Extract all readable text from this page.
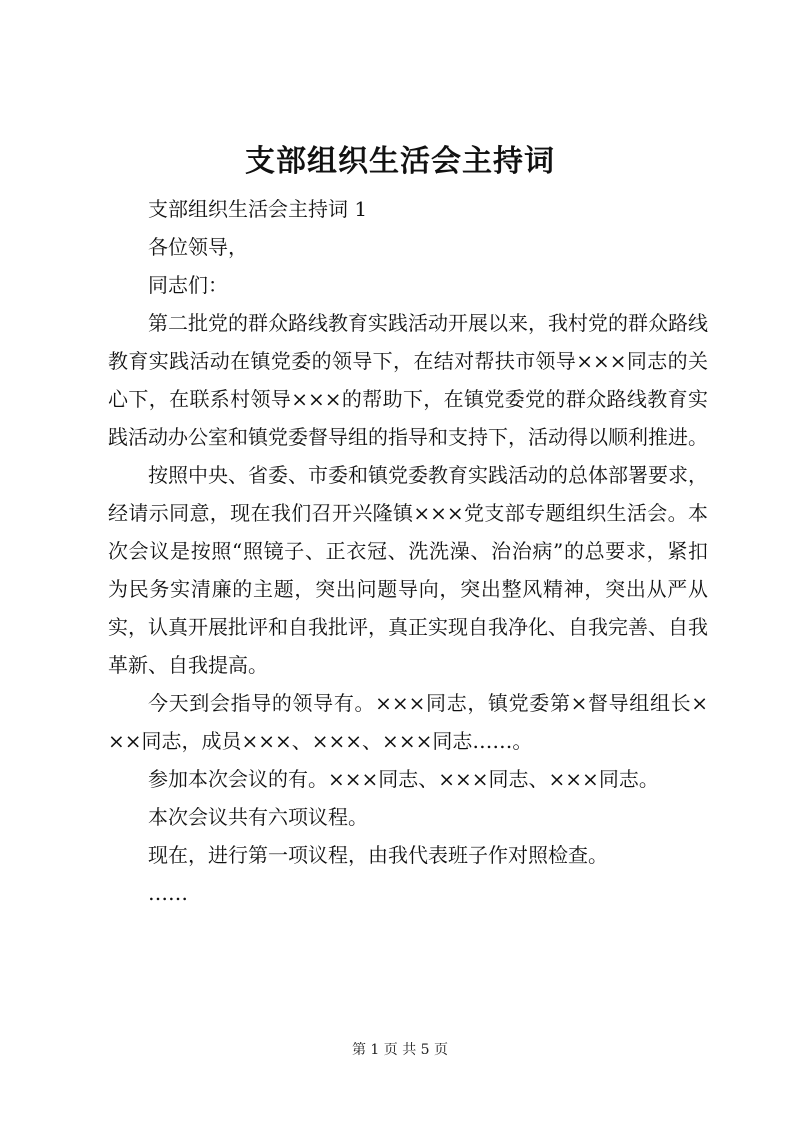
支部组织生活会主持词

支部组织生活会主持词 1

各位领导，

同志们：

第二批党的群众路线教育实践活动开展以来，我村党的群众路线教育实践活动在镇党委的领导下，在结对帮扶市领导×××同志的关心下，在联系村领导×××的帮助下，在镇党委党的群众路线教育实践活动办公室和镇党委督导组的指导和支持下，活动得以顺利推进。

按照中央、省委、市委和镇党委教育实践活动的总体部署要求，经请示同意，现在我们召开兴隆镇×××党支部专题组织生活会。本次会议是按照“照镜子、正衣冠、洗洗澡、治治病”的总要求，紧扣为民务实清廉的主题，突出问题导向，突出整风精神，突出从严从实，认真开展批评和自我批评，真正实现自我净化、自我完善、自我革新、自我提高。

今天到会指导的领导有。×××同志，镇党委第×督导组组长×××同志，成员×××、×××、×××同志……。

参加本次会议的有。×××同志、×××同志、×××同志。

本次会议共有六项议程。

现在，进行第一项议程，由我代表班子作对照检查。

……

第 1 页 共 5 页
